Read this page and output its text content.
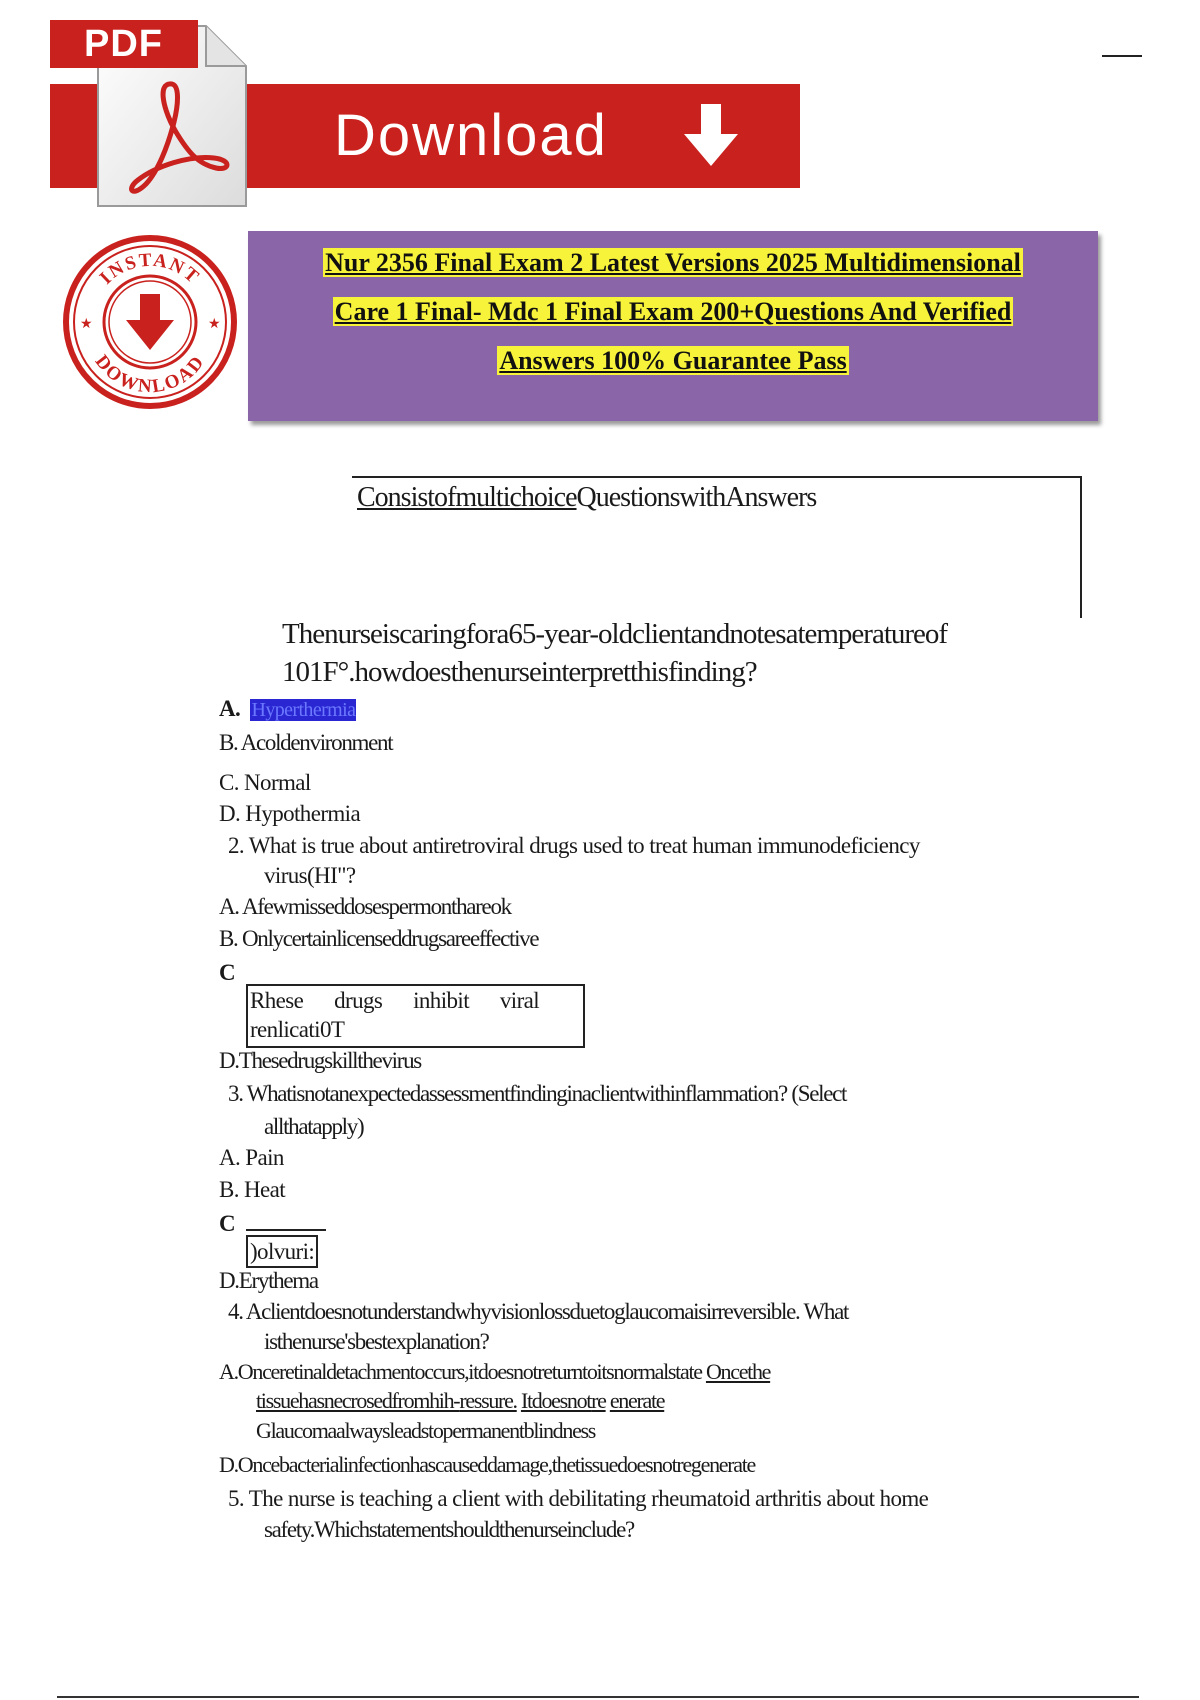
PDF
Download
INSTANT
DOWNLOAD
★	★
Nur 2356 Final Exam 2 Latest Versions 2025 Multidimensional
Care 1 Final- Mdc 1 Final Exam 200+Questions And Verified
Answers 100% Guarantee Pass
ConsistofmultichoiceQuestionswithAnswers
Thenurseiscaringfora65-year-oldclientandnotesatemperatureof
101F°.howdoesthenurseinterpretthisfinding?
A. Hyperthermia
B. Acoldenvironment
C. Normal
D. Hypothermia
2. What is true about antiretroviral drugs used to treat human immunodeficiency
virus(HI"?
A. Afewmisseddosespermonthareok
B. Onlycertainlicenseddrugsareeffective
C
Rhese      drugs      inhibit      viral
renlicati0T
D.Thesedrugskillthevirus
3. Whatisnotanexpectedassessmentfindinginaclientwithinflammation? (Select
allthatapply)
A. Pain
B. Heat
C
)olvuri:
D.Erythema
4. Aclientdoesnotunderstandwhyvisionlossduetoglaucomaisirreversible. What
isthenurse'sbestexplanation?
A.Onceretinaldetachmentoccurs,itdoesnotreturntoitsnormalstate Oncethe
tissuehasnecrosedfromhih-ressure. Itdoesnotre enerate
Glaucomaalwaysleadstopermanentblindness
D.Oncebacterialinfectionhascauseddamage,thetissuedoesnotregenerate
5. The nurse is teaching a client with debilitating rheumatoid arthritis about home
safety.Whichstatementshouldthenurseinclude?
